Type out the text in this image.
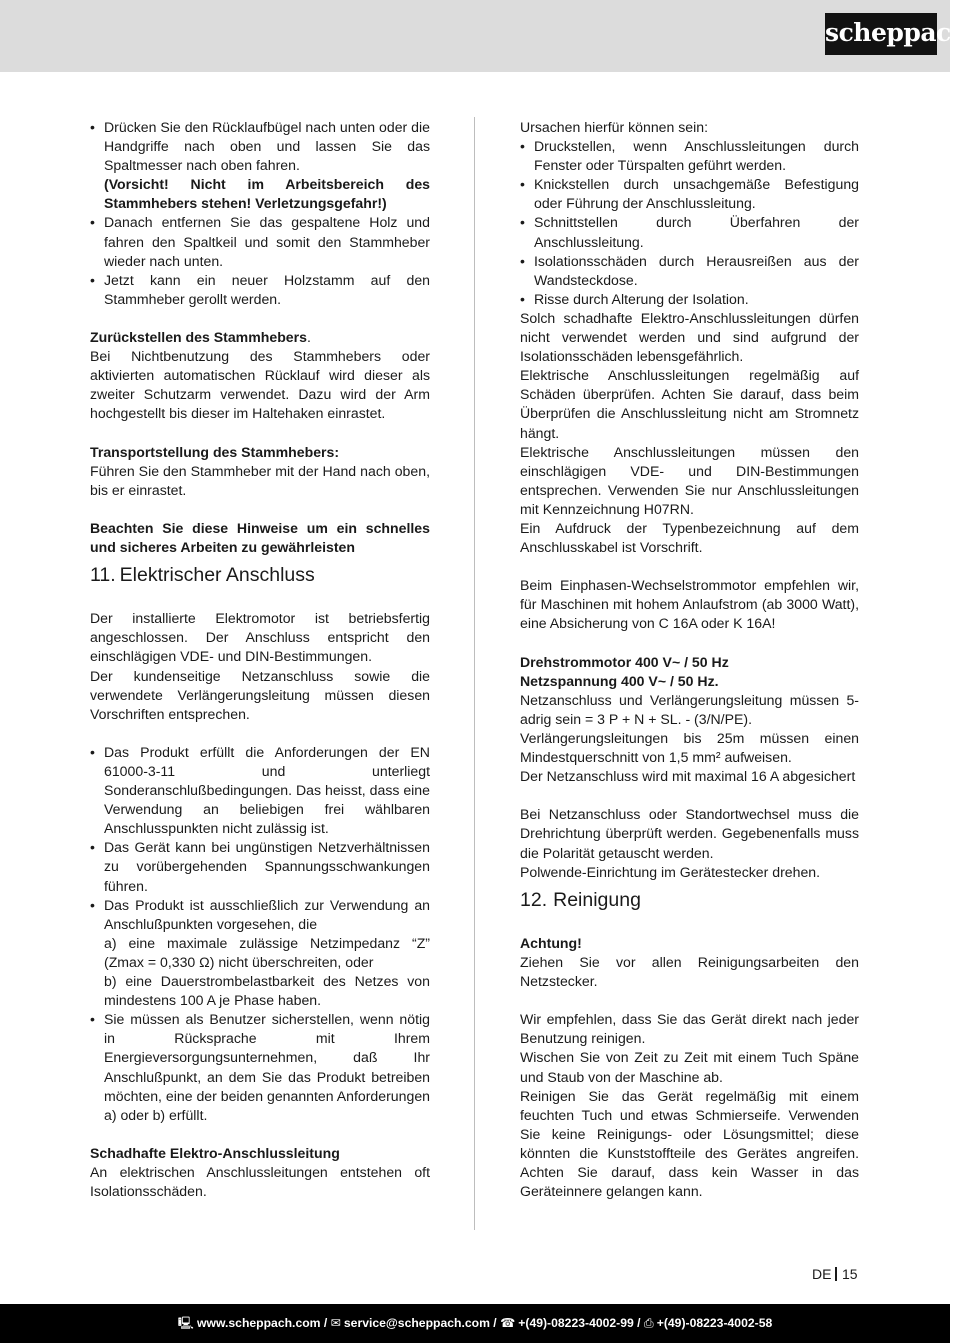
scheppach
• Drücken Sie den Rücklaufbügel nach unten oder die Handgriffe nach oben und lassen Sie das Spaltmesser nach oben fahren.
(Vorsicht! Nicht im Arbeitsbereich des Stammhebers stehen! Verletzungsgefahr!)
• Danach entfernen Sie das gespaltene Holz und fahren den Spaltkeil und somit den Stammheber wieder nach unten.
• Jetzt kann ein neuer Holzstamm auf den Stammheber gerollt werden.

Zurückstellen des Stammhebers.

Bei Nichtbenutzung des Stammhebers oder aktivierten automatischen Rücklauf wird dieser als zweiter Schutzarm verwendet. Dazu wird der Arm hochgestellt bis dieser im Haltehaken einrastet.

Transportstellung des Stammhebers:

Führen Sie den Stammheber mit der Hand nach oben, bis er einrastet.

Beachten Sie diese Hinweise um ein schnelles und sicheres Arbeiten zu gewährleisten

11. Elektrischer Anschluss

Der installierte Elektromotor ist betriebsfertig angeschlossen. Der Anschluss entspricht den einschlägigen VDE- und DIN-Bestimmungen.

Der kundenseitige Netzanschluss sowie die verwendete Verlängerungsleitung müssen diesen Vorschriften entsprechen.

• Das Produkt erfüllt die Anforderungen der EN 61000-3-11 und unterliegt Sonderanschlußbedingungen. Das heisst, dass eine Verwendung an beliebigen frei wählbaren Anschlusspunkten nicht zulässig ist.
• Das Gerät kann bei ungünstigen Netzverhältnissen zu vorübergehenden Spannungsschwankungen führen.
• Das Produkt ist ausschließlich zur Verwendung an Anschlußpunkten vorgesehen, die
a) eine maximale zulässige Netzimpedanz “Z” (Zmax = 0,330 Ω) nicht überschreiten, oder
b) eine Dauerstrombelastbarkeit des Netzes von mindestens 100 A je Phase haben.
• Sie müssen als Benutzer sicherstellen, wenn nötig in Rücksprache mit Ihrem Energieversorgungsunternehmen, daß Ihr Anschlußpunkt, an dem Sie das Produkt betreiben möchten, eine der beiden genannten Anforderungen a) oder b) erfüllt.

Schadhafte Elektro-Anschlussleitung

An elektrischen Anschlussleitungen entstehen oft Isolationsschäden.

Ursachen hierfür können sein:

• Druckstellen, wenn Anschlussleitungen durch Fenster oder Türspalten geführt werden.
• Knickstellen durch unsachgemäße Befestigung oder Führung der Anschlussleitung.
• Schnittstellen durch Überfahren der Anschlussleitung.
• Isolationsschäden durch Herausreißen aus der Wandsteckdose.
• Risse durch Alterung der Isolation.

Solch schadhafte Elektro-Anschlussleitungen dürfen nicht verwendet werden und sind aufgrund der Isolationsschäden lebensgefährlich.

Elektrische Anschlussleitungen regelmäßig auf Schäden überprüfen. Achten Sie darauf, dass beim Überprüfen die Anschlussleitung nicht am Stromnetz hängt.

Elektrische Anschlussleitungen müssen den einschlägigen VDE- und DIN-Bestimmungen entsprechen. Verwenden Sie nur Anschlussleitungen mit Kennzeichnung H07RN.

Ein Aufdruck der Typenbezeichnung auf dem Anschlusskabel ist Vorschrift.

Beim Einphasen-Wechselstrommotor empfehlen wir, für Maschinen mit hohem Anlaufstrom (ab 3000 Watt), eine Absicherung von C 16A oder K 16A!

Drehstrommotor 400 V~ / 50 Hz

Netzspannung 400 V~ / 50 Hz.

Netzanschluss und Verlängerungsleitung müssen 5-adrig sein = 3 P + N + SL. - (3/N/PE).

Verlängerungsleitungen bis 25m müssen einen Mindestquerschnitt von 1,5 mm² aufweisen.

Der Netzanschluss wird mit maximal 16 A abgesichert

Bei Netzanschluss oder Standortwechsel muss die Drehrichtung überprüft werden. Gegebenenfalls muss die Polarität getauscht werden.

Polwende-Einrichtung im Gerätestecker drehen.

12. Reinigung

Achtung!

Ziehen Sie vor allen Reinigungsarbeiten den Netzstecker.

Wir empfehlen, dass Sie das Gerät direkt nach jeder Benutzung reinigen.

Wischen Sie von Zeit zu Zeit mit einem Tuch Späne und Staub von der Maschine ab.

Reinigen Sie das Gerät regelmäßig mit einem feuchten Tuch und etwas Schmierseife. Verwenden Sie keine Reinigungs- oder Lösungsmittel; diese könnten die Kunststoffteile des Gerätes angreifen. Achten Sie darauf, dass kein Wasser in das Geräteinnere gelangen kann.

DE 15
🖳 www.scheppach.com / ✉ service@scheppach.com / ☎ +(49)-08223-4002-99 / ⎙ +(49)-08223-4002-58
